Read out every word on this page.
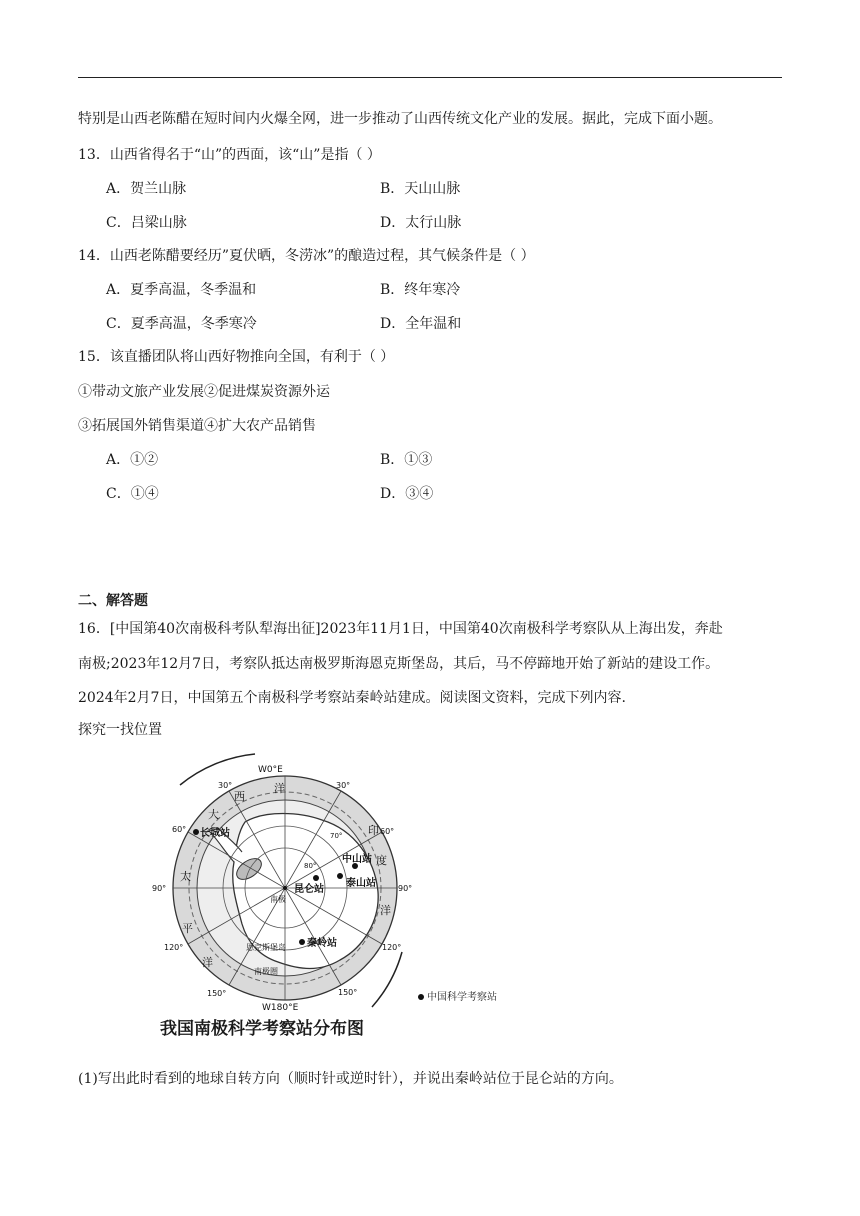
特别是山西老陈醋在短时间内火爆全网，进一步推动了山西传统文化产业的发展。据此，完成下面小题。
13．山西省得名于“山”的西面，该“山”是指（ ）
A．贺兰山脉	B．天山山脉
C．吕梁山脉	D．太行山脉
14．山西老陈醋要经历”夏伏晒，冬涝冰”的酿造过程，其气候条件是（ ）
A．夏季高温，冬季温和	B．终年寒冷
C．夏季高温，冬季寒冷	D．全年温和
15．该直播团队将山西好物推向全国，有利于（ ）
①带动文旅产业发展②促进煤炭资源外运
③拓展国外销售渠道④扩大农产品销售
A．①②	B．①③
C．①④	D．③④
二、解答题
16．[中国第40次南极科考队犁海出征]2023年11月1日，中国第40次南极科学考察队从上海出发，奔赴
南极;2023年12月7日，考察队抵达南极罗斯海恩克斯堡岛，其后，马不停蹄地开始了新站的建设工作。
2024年2月7日，中国第五个南极科学考察站秦岭站建成。阅读图文资料，完成下列内容.
探究一找位置
W0°E
W180°E
30°	30°
60°	60°
90°	90°
120°	120°
150°	150°
70°
80°
大
西
洋
印
度
洋
太
平
洋
长城站
中山站
泰山站
昆仑站
秦岭站
南极
恩克斯堡岛
南极圈
中国科学考察站
我国南极科学考察站分布图
(1)写出此时看到的地球自转方向（顺时针或逆时针），并说出秦岭站位于昆仑站的方向。
